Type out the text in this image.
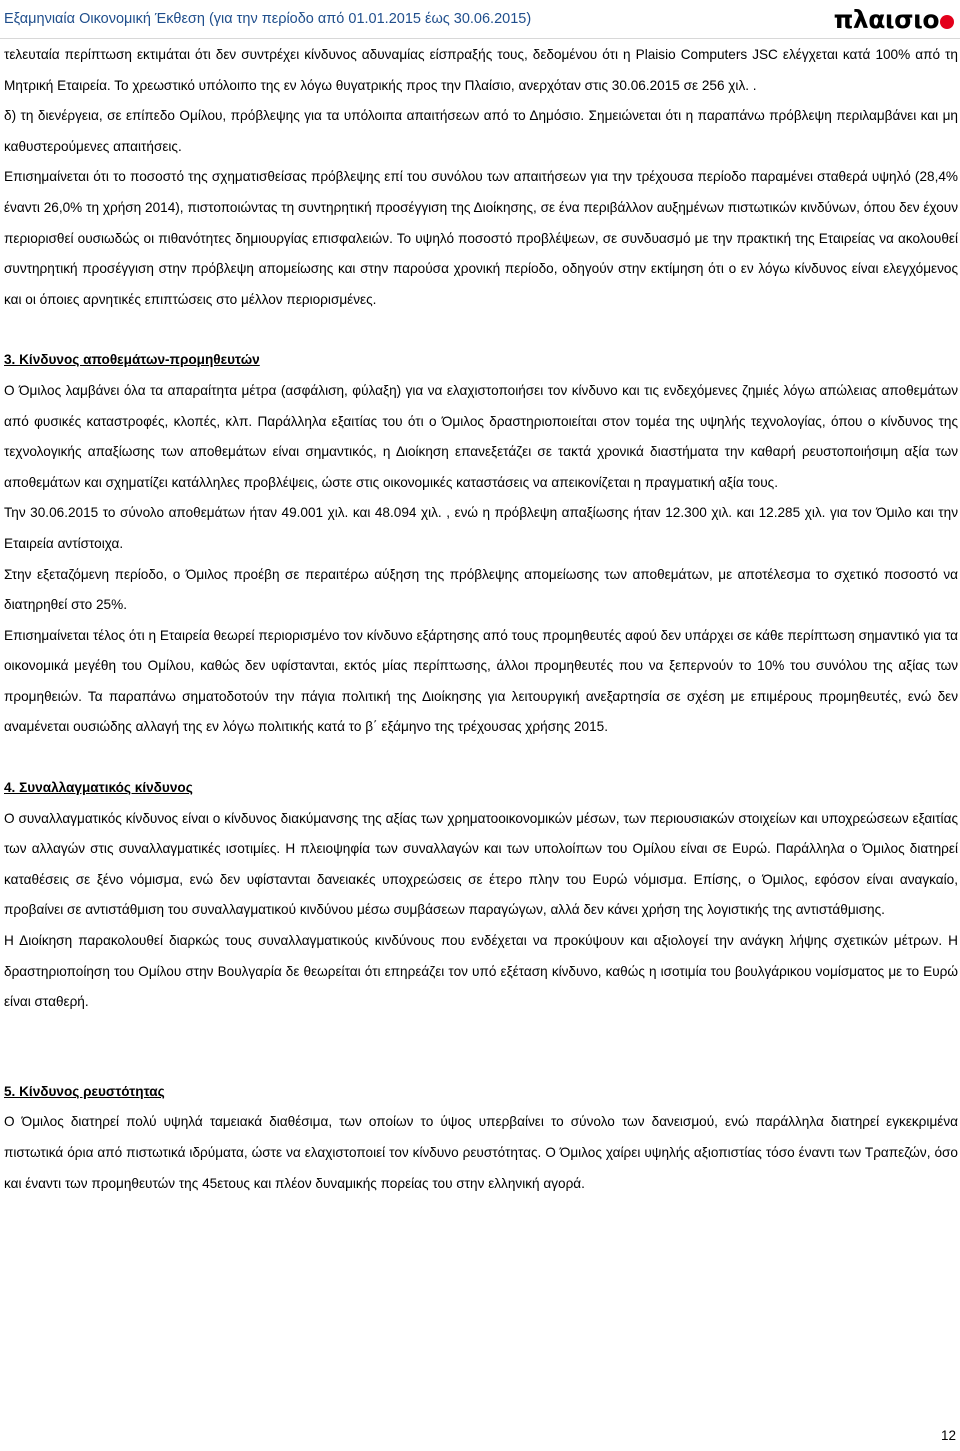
Εξαμηνιαία Οικονομική Έκθεση (για την περίοδο από 01.01.2015 έως 30.06.2015)	πλαισιο

τελευταία περίπτωση εκτιμάται ότι δεν συντρέχει κίνδυνος αδυναμίας είσπραξής τους, δεδομένου ότι η Plaisio Computers JSC ελέγχεται κατά 100% από τη Μητρική Εταιρεία. Το χρεωστικό υπόλοιπο της εν λόγω θυγατρικής προς την Πλαίσιο, ανερχόταν στις 30.06.2015 σε 256 χιλ. .

δ) τη διενέργεια, σε επίπεδο Ομίλου, πρόβλεψης για τα υπόλοιπα απαιτήσεων από το Δημόσιο. Σημειώνεται ότι η παραπάνω πρόβλεψη περιλαμβάνει και μη καθυστερούμενες απαιτήσεις.

Επισημαίνεται ότι το ποσοστό της σχηματισθείσας πρόβλεψης επί του συνόλου των απαιτήσεων για την τρέχουσα περίοδο παραμένει σταθερά υψηλό (28,4% έναντι 26,0% τη χρήση 2014), πιστοποιώντας τη συντηρητική προσέγγιση της Διοίκησης, σε ένα περιβάλλον αυξημένων πιστωτικών κινδύνων, όπου δεν έχουν περιορισθεί ουσιωδώς οι πιθανότητες δημιουργίας επισφαλειών. Το υψηλό ποσοστό προβλέψεων, σε συνδυασμό με την πρακτική της Εταιρείας να ακολουθεί συντηρητική προσέγγιση στην πρόβλεψη απομείωσης και στην παρούσα χρονική περίοδο, οδηγούν στην εκτίμηση ότι ο εν λόγω κίνδυνος είναι ελεγχόμενος και οι όποιες αρνητικές επιπτώσεις στο μέλλον περιορισμένες.

3. Κίνδυνος αποθεμάτων-προμηθευτών

Ο Όμιλος λαμβάνει όλα τα απαραίτητα μέτρα (ασφάλιση, φύλαξη) για να ελαχιστοποιήσει τον κίνδυνο και τις ενδεχόμενες ζημιές λόγω απώλειας αποθεμάτων από φυσικές καταστροφές, κλοπές, κλπ. Παράλληλα εξαιτίας του ότι ο Όμιλος δραστηριοποιείται στον τομέα της υψηλής τεχνολογίας, όπου ο κίνδυνος της τεχνολογικής απαξίωσης των αποθεμάτων είναι σημαντικός, η Διοίκηση επανεξετάζει σε τακτά χρονικά διαστήματα την καθαρή ρευστοποιήσιμη αξία των αποθεμάτων και σχηματίζει κατάλληλες προβλέψεις, ώστε στις οικονομικές καταστάσεις να απεικονίζεται η πραγματική αξία τους.

Την 30.06.2015 το σύνολο αποθεμάτων ήταν 49.001 χιλ. και 48.094 χιλ. , ενώ η πρόβλεψη απαξίωσης ήταν 12.300 χιλ. και 12.285 χιλ. για τον Όμιλο και την Εταιρεία αντίστοιχα.

Στην εξεταζόμενη περίοδο, ο Όμιλος προέβη σε περαιτέρω αύξηση της πρόβλεψης απομείωσης των αποθεμάτων, με αποτέλεσμα το σχετικό ποσοστό να διατηρηθεί στο 25%.

Επισημαίνεται τέλος ότι η Εταιρεία θεωρεί περιορισμένο τον κίνδυνο εξάρτησης από τους προμηθευτές αφού δεν υπάρχει σε κάθε περίπτωση σημαντικό για τα οικονομικά μεγέθη του Ομίλου, καθώς δεν υφίστανται, εκτός μίας περίπτωσης, άλλοι προμηθευτές που να ξεπερνούν το 10% του συνόλου της αξίας των προμηθειών. Τα παραπάνω σηματοδοτούν την πάγια πολιτική της Διοίκησης για λειτουργική ανεξαρτησία σε σχέση με επιμέρους προμηθευτές, ενώ δεν αναμένεται ουσιώδης αλλαγή της εν λόγω πολιτικής κατά το β΄ εξάμηνο της τρέχουσας χρήσης 2015.

4. Συναλλαγματικός κίνδυνος

Ο συναλλαγματικός κίνδυνος είναι ο κίνδυνος διακύμανσης της αξίας των χρηματοοικονομικών μέσων, των περιουσιακών στοιχείων και υποχρεώσεων εξαιτίας των αλλαγών στις συναλλαγματικές ισοτιμίες. Η πλειοψηφία των συναλλαγών και των υπολοίπων του Ομίλου είναι σε Ευρώ. Παράλληλα ο Όμιλος διατηρεί καταθέσεις σε ξένο νόμισμα, ενώ δεν υφίστανται δανειακές υποχρεώσεις σε έτερο πλην του Ευρώ νόμισμα. Επίσης, ο Όμιλος, εφόσον είναι αναγκαίο, προβαίνει σε αντιστάθμιση του συναλλαγματικού κινδύνου μέσω συμβάσεων παραγώγων, αλλά δεν κάνει χρήση της λογιστικής της αντιστάθμισης.

Η Διοίκηση παρακολουθεί διαρκώς τους συναλλαγματικούς κινδύνους που ενδέχεται να προκύψουν και αξιολογεί την ανάγκη λήψης σχετικών μέτρων. Η δραστηριοποίηση του Ομίλου στην Βουλγαρία δε θεωρείται ότι επηρεάζει τον υπό εξέταση κίνδυνο, καθώς η ισοτιμία του βουλγάρικου νομίσματος με το Ευρώ είναι σταθερή.

5. Κίνδυνος ρευστότητας

Ο Όμιλος διατηρεί πολύ υψηλά ταμειακά διαθέσιμα, των οποίων το ύψος υπερβαίνει το σύνολο των δανεισμού, ενώ παράλληλα διατηρεί εγκεκριμένα πιστωτικά όρια από πιστωτικά ιδρύματα, ώστε να ελαχιστοποιεί τον κίνδυνο ρευστότητας. Ο Όμιλος χαίρει υψηλής αξιοπιστίας τόσο έναντι των Τραπεζών, όσο και έναντι των προμηθευτών της 45ετους και πλέον δυναμικής πορείας του στην ελληνική αγορά.

12
